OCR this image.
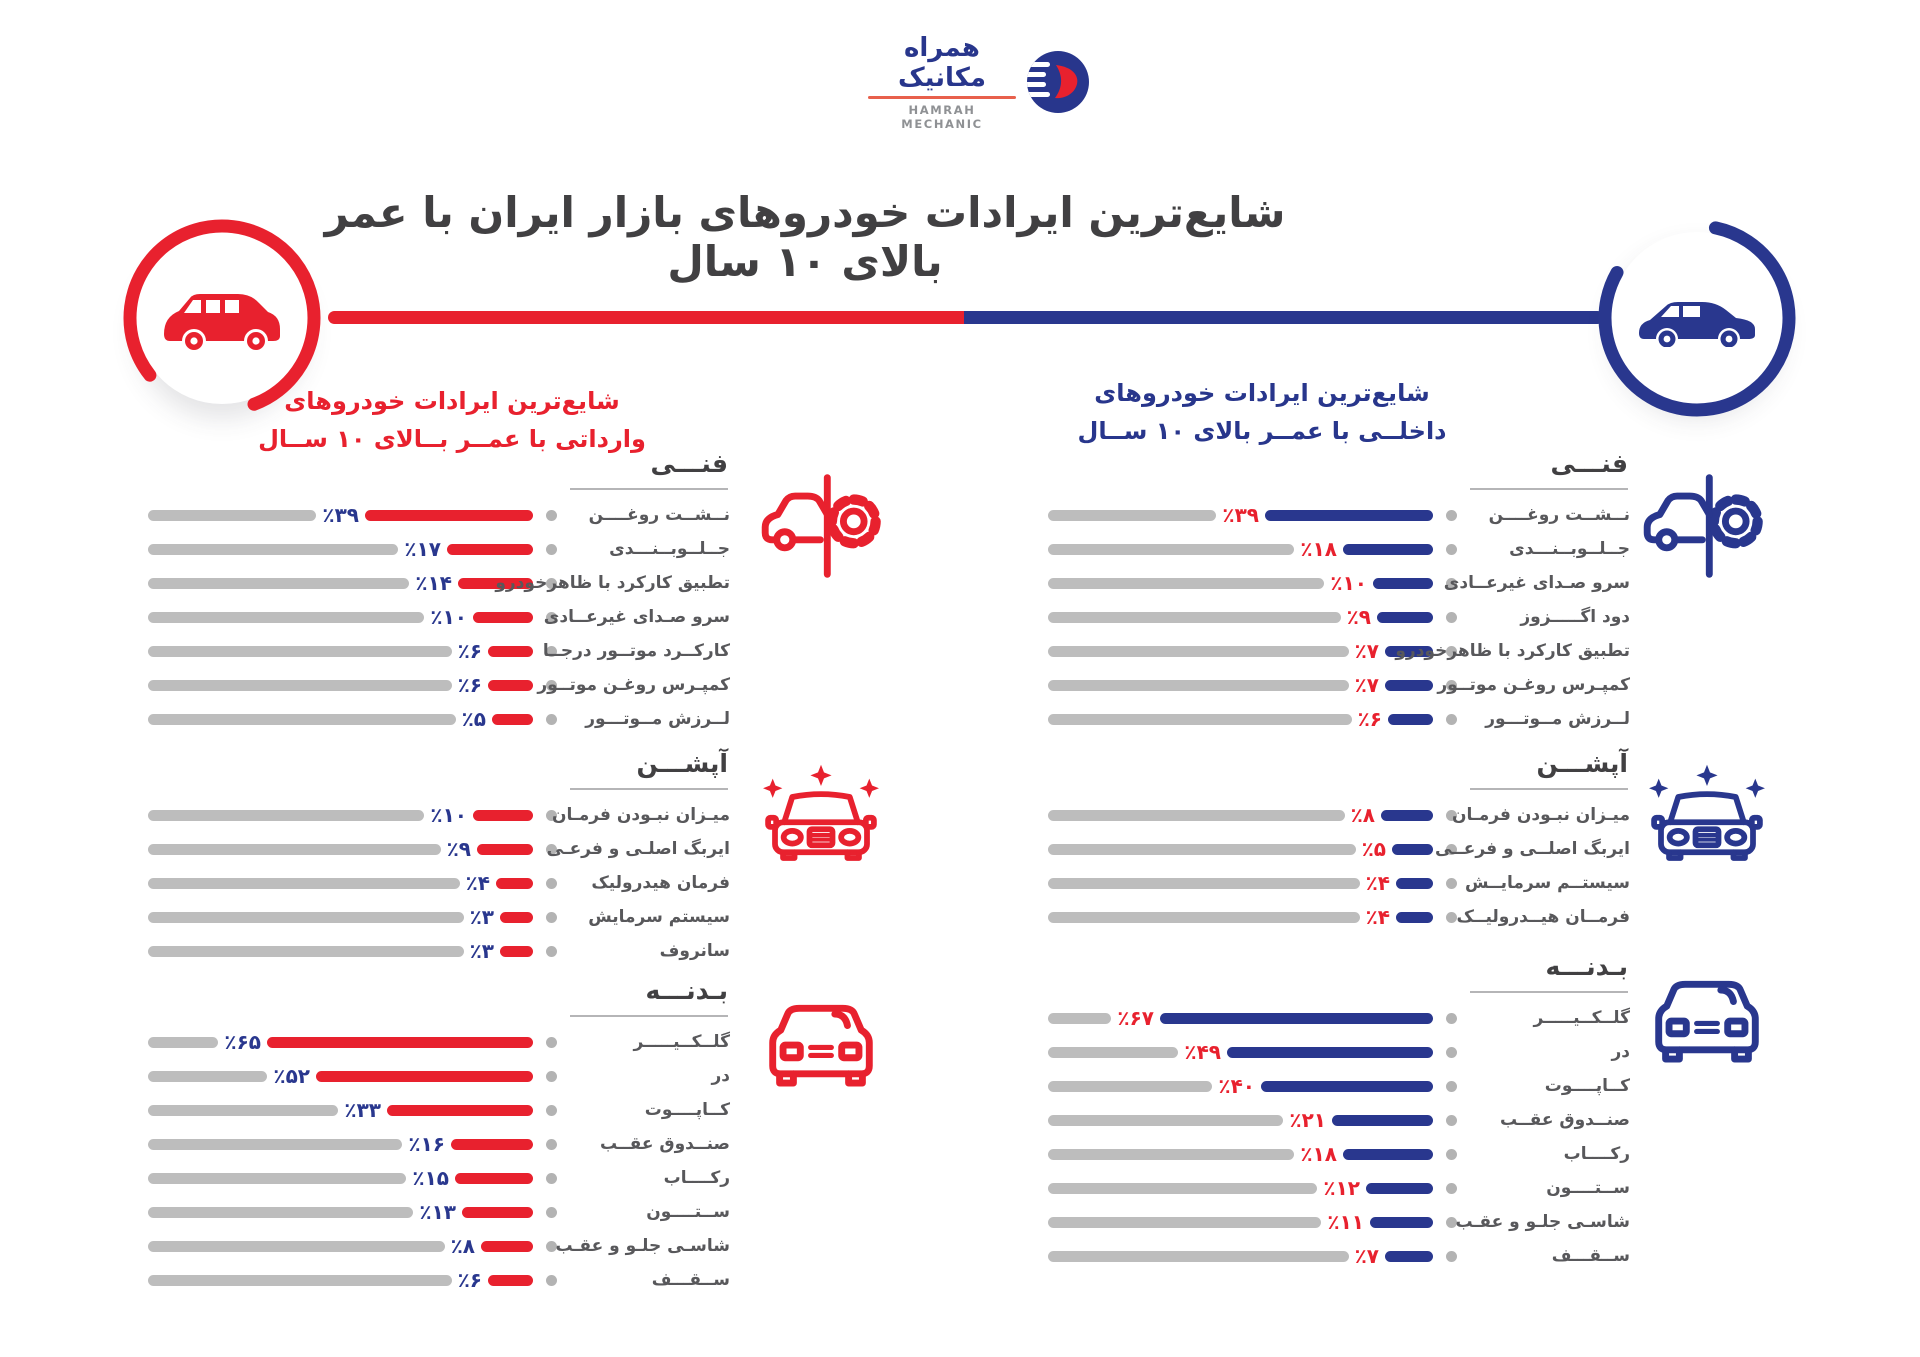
همراه مکانیک
HAMRAH MECHANIC
شایع‌ترین ایرادات خودروهای بازار ایران با عمر بالای ۱۰ سال
شایع‌ترین ایرادات خودروهای
وارداتی با عمــر بــالای ۱۰ ســال
شایع‌ترین ایرادات خودروهای
داخلــی با عمــر بالای ۱۰ ســال
فنـــی
٪۳۹	نــشــت روغــــن
٪۱۷	جــلــوبــنـــدی
٪۱۴	تطبیق کارکرد با ظاهرخودرو
٪۱۰	سرو صـدای غیرعــادی
٪۶	کارکــرد موتــور درجــا
٪۶	کمپـرس روغـن موتــور
٪۵	لــرزش مــوتـــور
آپشـــن
٪۱۰	میـزان نبـودن فرمـان
٪۹	ایربگ اصلـی و فرعـی
٪۴	فرمان هیدرولیک
٪۳	سیستم سرمایش
٪۳	سانروف
بـدنـــه
٪۶۵	گلــکــیـــــر
٪۵۲	در
٪۳۳	کــاپــــوت
٪۱۶	صنــدوق عقــب
٪۱۵	رکــــاب
٪۱۳	ســتــــون
٪۸	شاسـی جلـو و عقـب
٪۶	ســقـــف
فنـــی
٪۳۹	نــشــت روغــــن
٪۱۸	جــلــوبــنـــدی
٪۱۰	سرو صـدای غیرعــادی
٪۹	دود اگـــــزوز
٪۷ تطبیق کارکرد با ظاهرخودرو
٪۷	کمپـرس روغـن موتــور
٪۶	لــرزش مــوتـــور
آپشـــن
٪۸	میـزان نبـودن فرمـان
٪۵	ایربگ اصلــی و فرعــی
٪۴	سیستــم سرمایــش
٪۴	فرمــان هیــدرولیــک
بـدنـــه
٪۶۷	گلــکــیـــــر
٪۴۹	در
٪۴۰	کــاپــــوت
٪۲۱	صنــدوق عقــب
٪۱۸	رکــــاب
٪۱۲	ســتــــون
٪۱۱	شاسـی جلـو و عقـب
٪۷	ســقـــف
